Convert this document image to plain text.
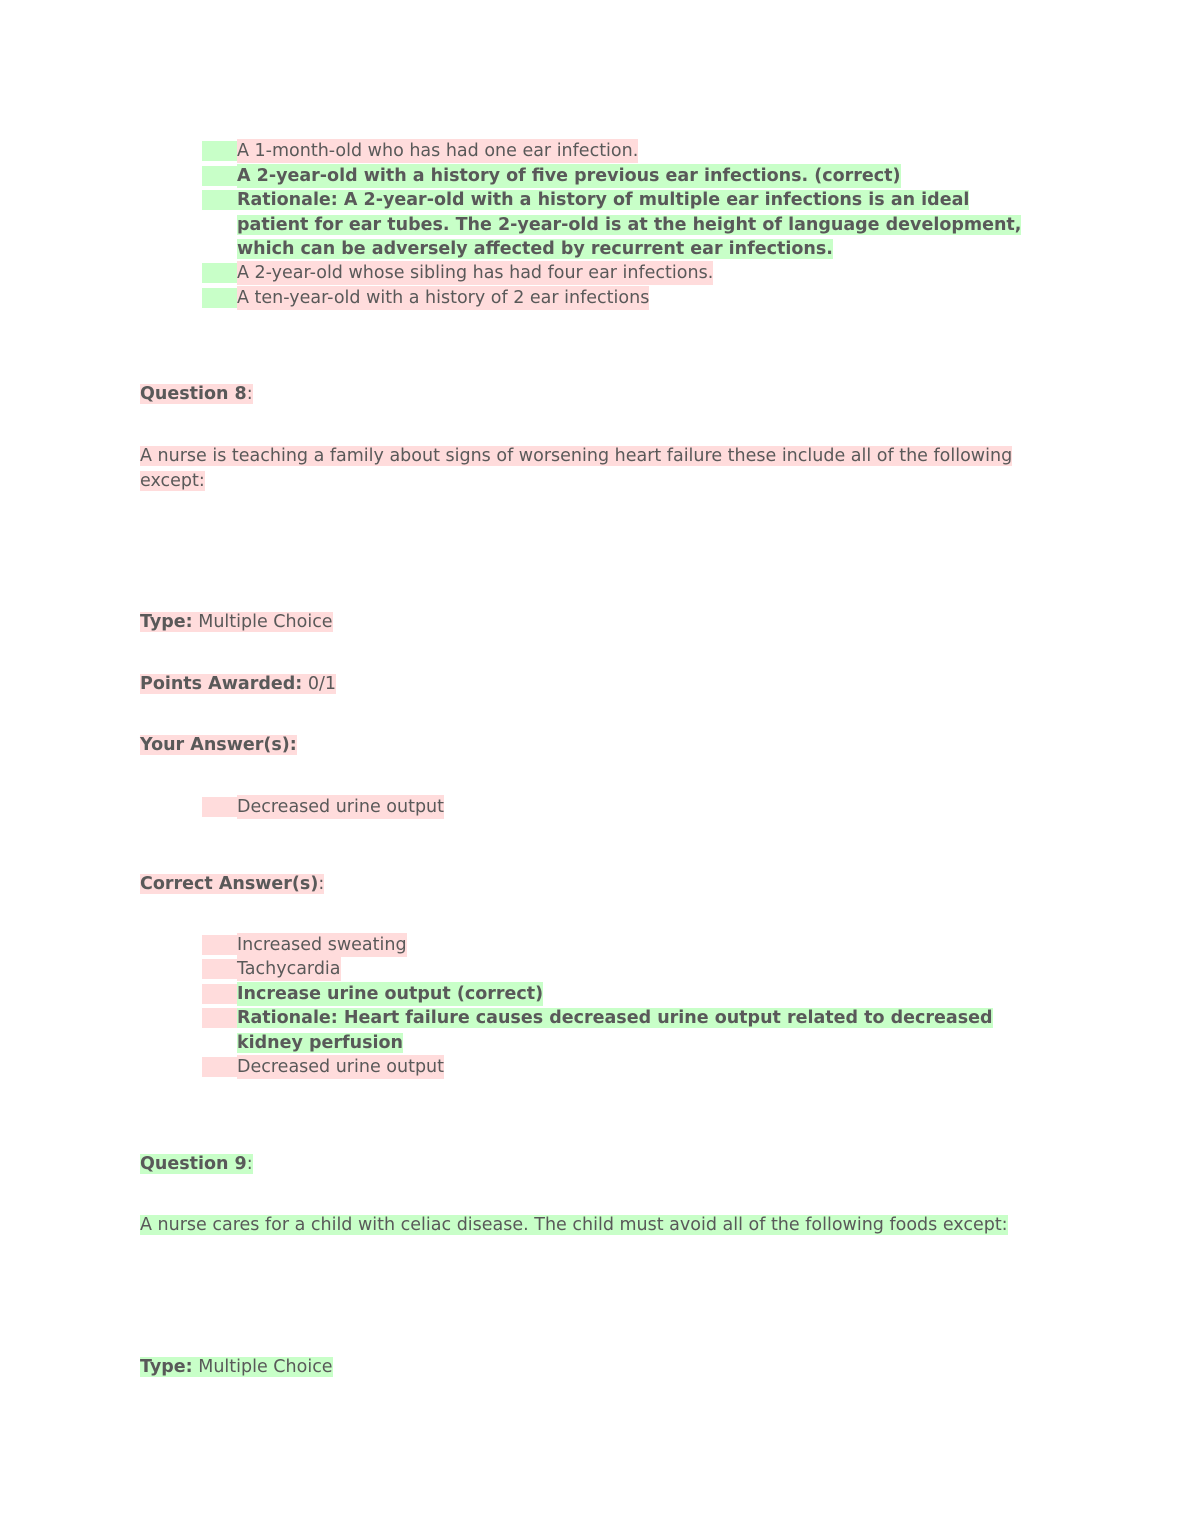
A 1-month-old who has had one ear infection.
A 2-year-old with a history of five previous ear infections. (correct)
Rationale: A 2-year-old with a history of multiple ear infections is an ideal patient for ear tubes. The 2-year-old is at the height of language development, which can be adversely affected by recurrent ear infections.
A 2-year-old whose sibling has had four ear infections.
A ten-year-old with a history of 2 ear infections
Question 8:
A nurse is teaching a family about signs of worsening heart failure these include all of the following except:
Type: Multiple Choice
Points Awarded: 0/1
Your Answer(s):
Decreased urine output
Correct Answer(s):
Increased sweating
Tachycardia
Increase urine output (correct)
Rationale: Heart failure causes decreased urine output related to decreased kidney perfusion
Decreased urine output
Question 9:
A nurse cares for a child with celiac disease. The child must avoid all of the following foods except:
Type: Multiple Choice
